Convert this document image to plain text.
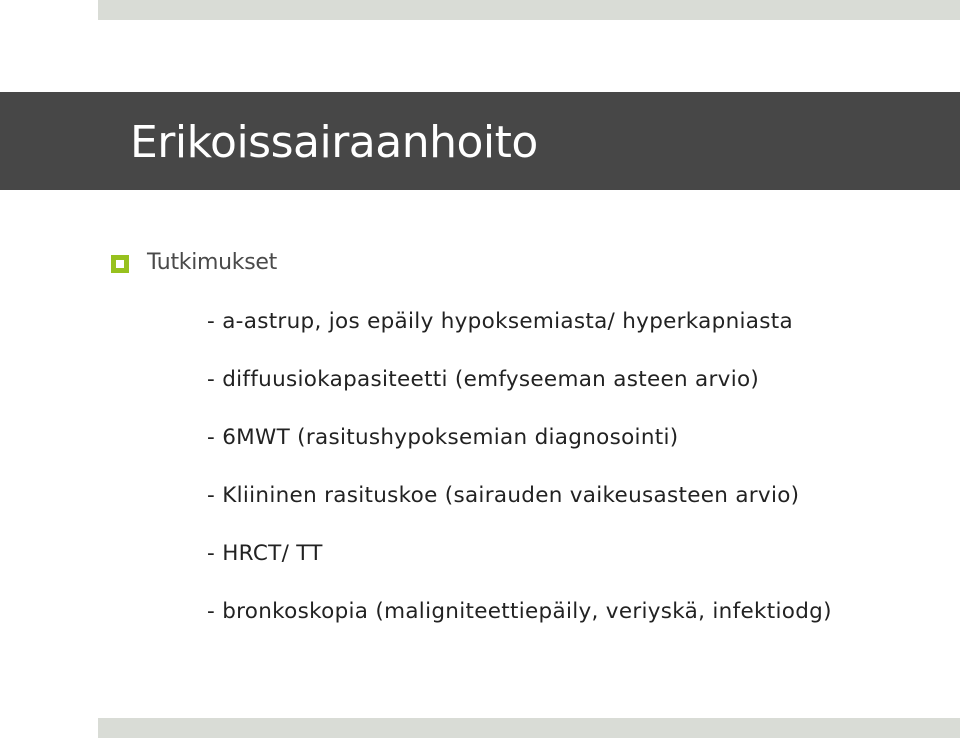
Erikoissairaanhoito
Tutkimukset
- a-astrup, jos epäily hypoksemiasta/ hyperkapniasta
- diffuusiokapasiteetti (emfyseeman asteen arvio)
- 6MWT (rasitushypoksemian diagnosointi)
- Kliininen rasituskoe (sairauden vaikeusasteen arvio)
- HRCT/ TT
- bronkoskopia (maligniteettiepäily, veriyskä, infektiodg)
